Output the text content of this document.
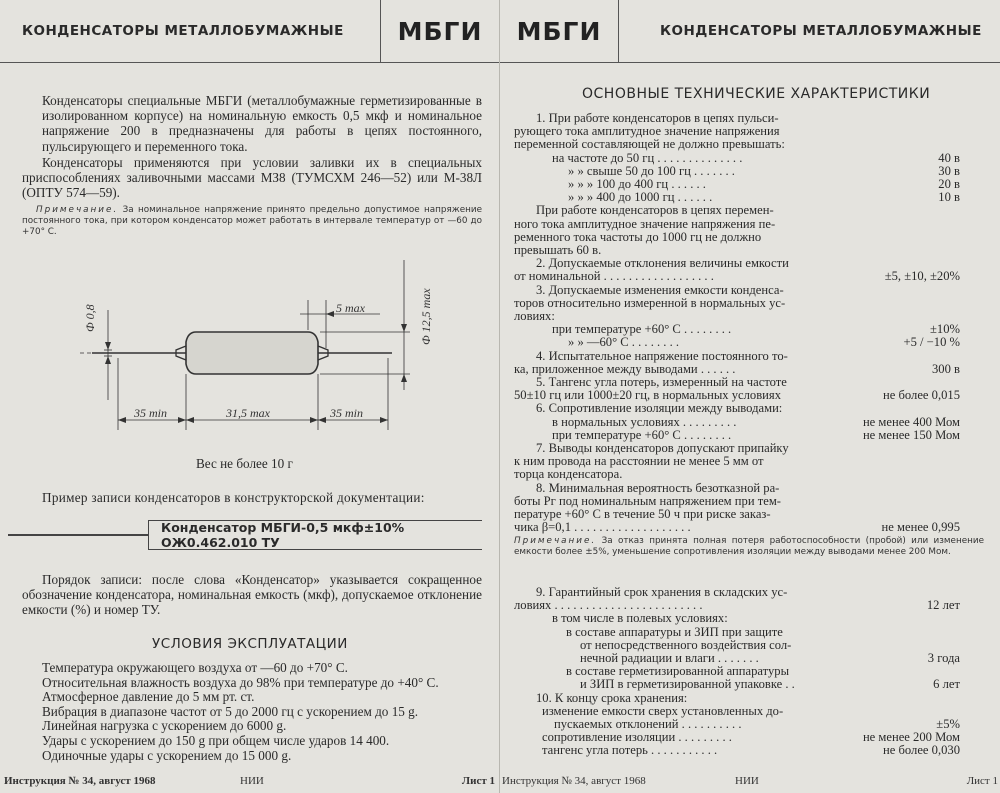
КОНДЕНСАТОРЫ МЕТАЛЛОБУМАЖНЫЕ	МБГИ
Конденсаторы специальные МБГИ (металлобумажные герметизированные в изолированном корпусе) на номинальную емкость 0,5 мкф и номинальное напряжение 200 в предназначены для работы в цепях постоянного, пульсирующего и переменного тока.
Конденсаторы применяются при условии заливки их в специальных приспособлениях заливочными массами МЗ8 (ТУМСХМ 246—52) или М-38Л (ОПТУ 574—59).
Примечание. За номинальное напряжение принято предельно допустимое напряжение постоянного тока, при котором конденсатор может работать в интервале температур от —60 до +70° С.
Ф 0,8	Ф 12,5 max
5 max
35 min	31,5 max	35 min
Вес не более 10 г
Пример записи конденсаторов в конструкторской документации:
Конденсатор МБГИ-0,5 мкф±10% ОЖ0.462.010 ТУ
Порядок записи: после слова «Конденсатор» указывается сокращенное обозначение конденсатора, номинальная емкость (мкф), допускаемое отклонение емкости (%) и номер ТУ.
УСЛОВИЯ ЭКСПЛУАТАЦИИ
Температура окружающего воздуха от —60 до +70° С.
Относительная влажность воздуха до 98% при температуре до +40° С.
Атмосферное давление до 5 мм рт. ст.
Вибрация в диапазоне частот от 5 до 2000 гц с ускорением до 15 g.
Линейная нагрузка с ускорением до 6000 g.
Удары с ускорением до 150 g при общем числе ударов 14 400.
Одиночные удары с ускорением до 15 000 g.
Инструкция № 34, август 1968	НИИ	Лист 1
МБГИ	КОНДЕНСАТОРЫ МЕТАЛЛОБУМАЖНЫЕ
ОСНОВНЫЕ ТЕХНИЧЕСКИЕ ХАРАКТЕРИСТИКИ
1. При работе конденсаторов в цепях пульси-
рующего тока амплитудное значение напряжения
переменной составляющей не должно превышать:
на частоте до 50 гц . . . . . . . . . . . . . .	40 в
» » свыше 50 до 100 гц . . . . . . .	30 в
» » » 100 до 400 гц . . . . . .	20 в
» » » 400 до 1000 гц . . . . . .	10 в
При работе конденсаторов в цепях перемен-
ного тока амплитудное значение напряжения пе-
ременного тока частоты до 1000 гц не должно
превышать 60 в.
2. Допускаемые отклонения величины емкости
от номинальной . . . . . . . . . . . . . . . . . .	±5, ±10, ±20%
3. Допускаемые изменения емкости конденса-
торов относительно измеренной в нормальных ус-
ловиях:
при температуре +60° С . . . . . . . .	±10%
» » —60° С . . . . . . . .	+5 / −10 %
4. Испытательное напряжение постоянного то-
ка, приложенное между выводами . . . . . .	300 в
5. Тангенс угла потерь, измеренный на частоте
50±10 гц или 1000±20 гц, в нормальных условиях	не более 0,015
6. Сопротивление изоляции между выводами:
в нормальных условиях . . . . . . . . .	не менее 400 Мом
при температуре +60° С . . . . . . . .	не менее 150 Мом
7. Выводы конденсаторов допускают припайку
к ним провода на расстоянии не менее 5 мм от
торца конденсатора.
8. Минимальная вероятность безотказной ра-
боты Рг под номинальным напряжением при тем-
пературе +60° С в течение 50 ч при риске заказ-
чика β=0,1 . . . . . . . . . . . . . . . . . . .	не менее 0,995
Примечание. За отказ принята полная потеря работоспособности (пробой) или изменение емкости более ±5%, уменьшение сопротивления изоляции между выводами менее 200 Мом.
9. Гарантийный срок хранения в складских ус-
ловиях . . . . . . . . . . . . . . . . . . . . . . . .	12 лет
в том числе в полевых условиях:
в составе аппаратуры и ЗИП при защите
от непосредственного воздействия сол-
нечной радиации и влаги . . . . . . .	3 года
в составе герметизированной аппаратуры
и ЗИП в герметизированной упаковке . .	6 лет
10. К концу срока хранения:
изменение емкости сверх установленных до-
пускаемых отклонений . . . . . . . . . .	±5%
сопротивление изоляции . . . . . . . . .	не менее 200 Мом
тангенс угла потерь . . . . . . . . . . .	не более 0,030
Инструкция № 34, август 1968	НИИ	Лист 1
